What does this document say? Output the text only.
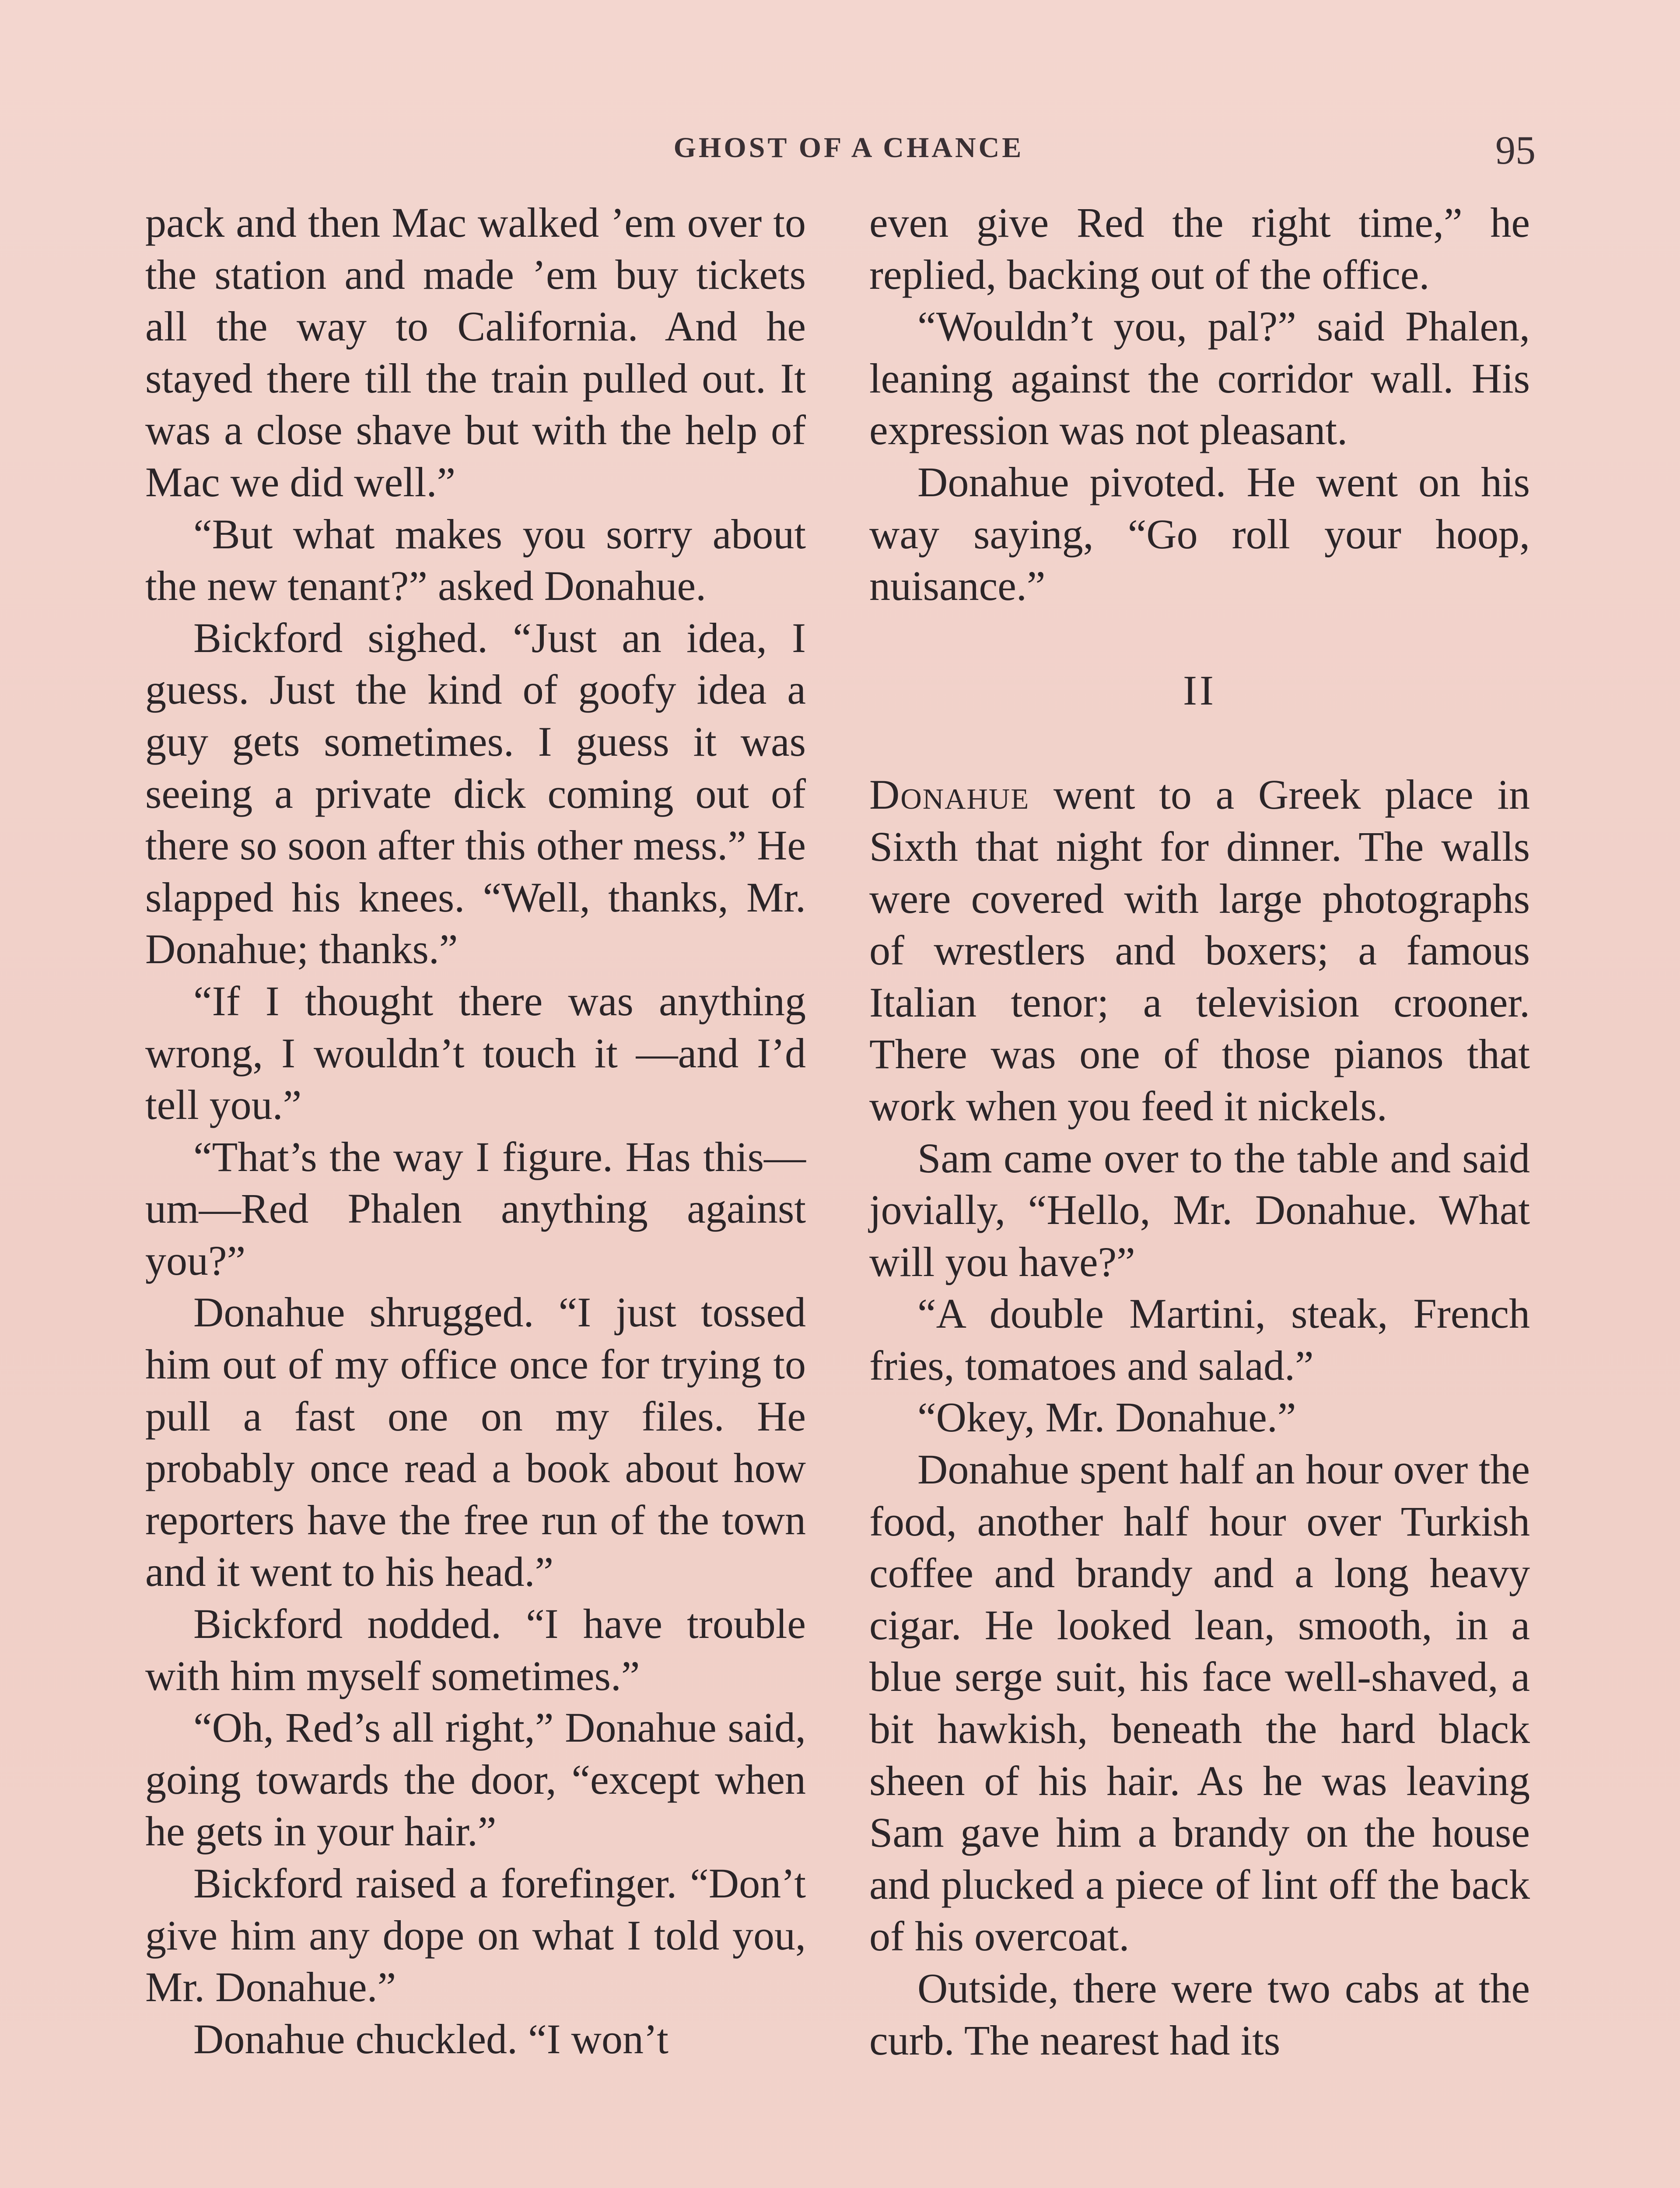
GHOST OF A CHANCE	95

pack and then Mac walked ’em over to the station and made ’em buy tickets all the way to California. And he stayed there till the train pulled out. It was a close shave but with the help of Mac we did well.”

“But what makes you sorry about the new tenant?” asked Donahue.

Bickford sighed. “Just an idea, I guess. Just the kind of goofy idea a guy gets sometimes. I guess it was seeing a private dick coming out of there so soon after this other mess.” He slapped his knees. “Well, thanks, Mr. Donahue; thanks.”

“If I thought there was anything wrong, I wouldn’t touch it —and I’d tell you.”

“That’s the way I figure. Has this—um—Red Phalen anything against you?”

Donahue shrugged. “I just tossed him out of my office once for trying to pull a fast one on my files. He probably once read a book about how reporters have the free run of the town and it went to his head.”

Bickford nodded. “I have trouble with him myself sometimes.”

“Oh, Red’s all right,” Donahue said, going towards the door, “except when he gets in your hair.”

Bickford raised a forefinger. “Don’t give him any dope on what I told you, Mr. Donahue.”

Donahue chuckled. “I won’t

even give Red the right time,” he replied, backing out of the office.

“Wouldn’t you, pal?” said Phalen, leaning against the corridor wall. His expression was not pleasant.

Donahue pivoted. He went on his way saying, “Go roll your hoop, nuisance.”

II

Donahue went to a Greek place in Sixth that night for dinner. The walls were covered with large photographs of wrestlers and boxers; a famous Italian tenor; a television crooner. There was one of those pianos that work when you feed it nickels.

Sam came over to the table and said jovially, “Hello, Mr. Donahue. What will you have?”

“A double Martini, steak, French fries, tomatoes and salad.”

“Okey, Mr. Donahue.”

Donahue spent half an hour over the food, another half hour over Turkish coffee and brandy and a long heavy cigar. He looked lean, smooth, in a blue serge suit, his face well-shaved, a bit hawkish, beneath the hard black sheen of his hair. As he was leaving Sam gave him a brandy on the house and plucked a piece of lint off the back of his overcoat.

Outside, there were two cabs at the curb. The nearest had its
